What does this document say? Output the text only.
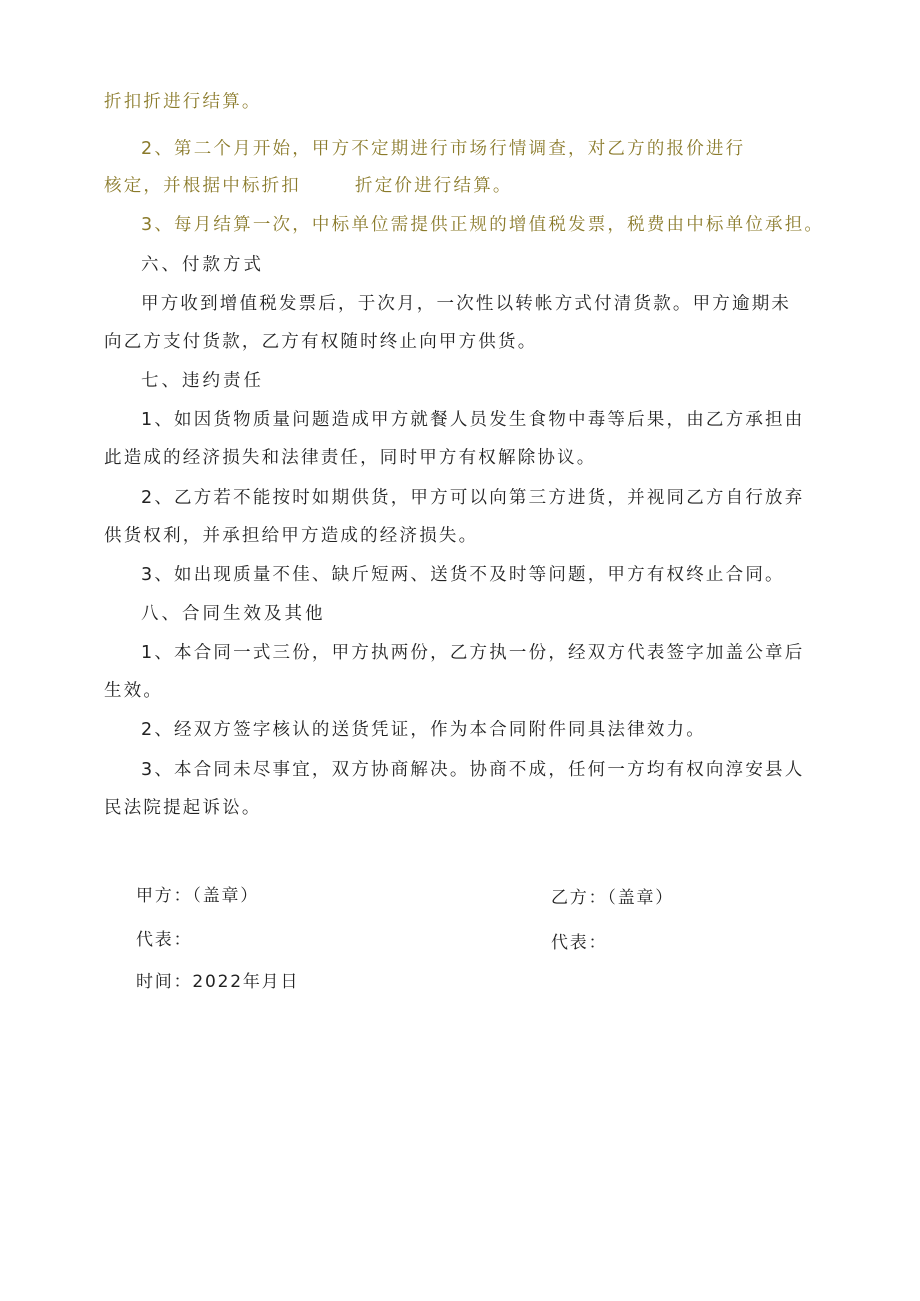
折扣折进行结算。
2、第二个月开始，甲方不定期进行市场行情调查，对乙方的报价进行
核定，并根据中标折扣	折定价进行结算。
3、每月结算一次，中标单位需提供正规的增值税发票，税费由中标单位承担。
六、付款方式
甲方收到增值税发票后，于次月，一次性以转帐方式付清货款。甲方逾期未
向乙方支付货款，乙方有权随时终止向甲方供货。
七、违约责任
1、如因货物质量问题造成甲方就餐人员发生食物中毒等后果，由乙方承担由
此造成的经济损失和法律责任，同时甲方有权解除协议。
2、乙方若不能按时如期供货，甲方可以向第三方进货，并视同乙方自行放弃
供货权利，并承担给甲方造成的经济损失。
3、如出现质量不佳、缺斤短两、送货不及时等问题，甲方有权终止合同。
八、合同生效及其他
1、本合同一式三份，甲方执两份，乙方执一份，经双方代表签字加盖公章后
生效。
2、经双方签字核认的送货凭证，作为本合同附件同具法律效力。
3、本合同未尽事宜，双方协商解决。协商不成，任何一方均有权向淳安县人
民法院提起诉讼。
甲方：（盖章）	乙方：（盖章）
代表：	代表：
时间：2022年月日
